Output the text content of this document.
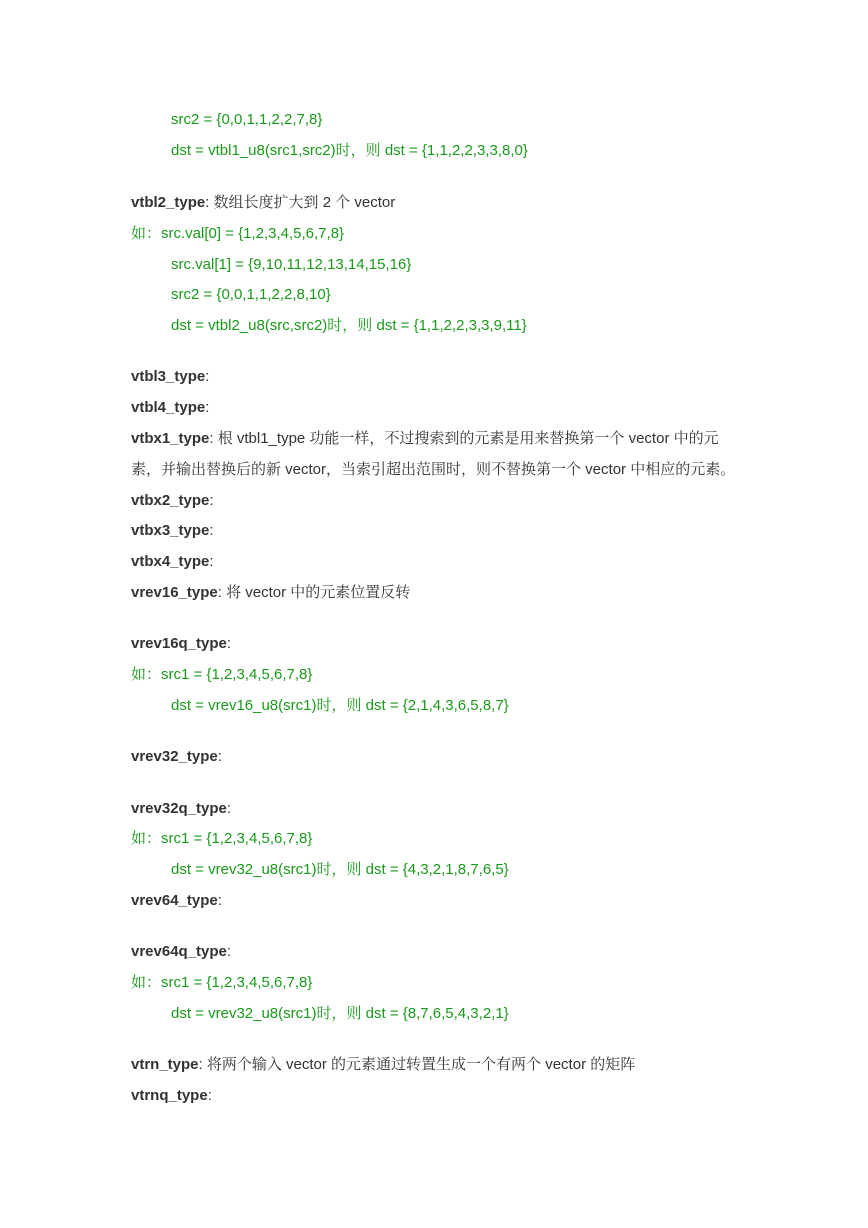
src2 = {0,0,1,1,2,2,7,8}
dst = vtbl1_u8(src1,src2)时，则 dst = {1,1,2,2,3,3,8,0}
vtbl2_type: 数组长度扩大到 2 个 vector
如：src.val[0] = {1,2,3,4,5,6,7,8}
src.val[1] = {9,10,11,12,13,14,15,16}
src2 = {0,0,1,1,2,2,8,10}
dst = vtbl2_u8(src,src2)时，则 dst = {1,1,2,2,3,3,9,11}
vtbl3_type:
vtbl4_type:
vtbx1_type: 根 vtbl1_type 功能一样，不过搜索到的元素是用来替换第一个 vector 中的元
素，并输出替换后的新 vector，当索引超出范围时，则不替换第一个 vector 中相应的元素。
vtbx2_type:
vtbx3_type:
vtbx4_type:
vrev16_type: 将 vector 中的元素位置反转
vrev16q_type:
如：src1 = {1,2,3,4,5,6,7,8}
dst = vrev16_u8(src1)时，则 dst = {2,1,4,3,6,5,8,7}
vrev32_type:
vrev32q_type:
如：src1 = {1,2,3,4,5,6,7,8}
dst = vrev32_u8(src1)时，则 dst = {4,3,2,1,8,7,6,5}
vrev64_type:
vrev64q_type:
如：src1 = {1,2,3,4,5,6,7,8}
dst = vrev32_u8(src1)时，则 dst = {8,7,6,5,4,3,2,1}
vtrn_type: 将两个输入 vector 的元素通过转置生成一个有两个 vector 的矩阵
vtrnq_type:
